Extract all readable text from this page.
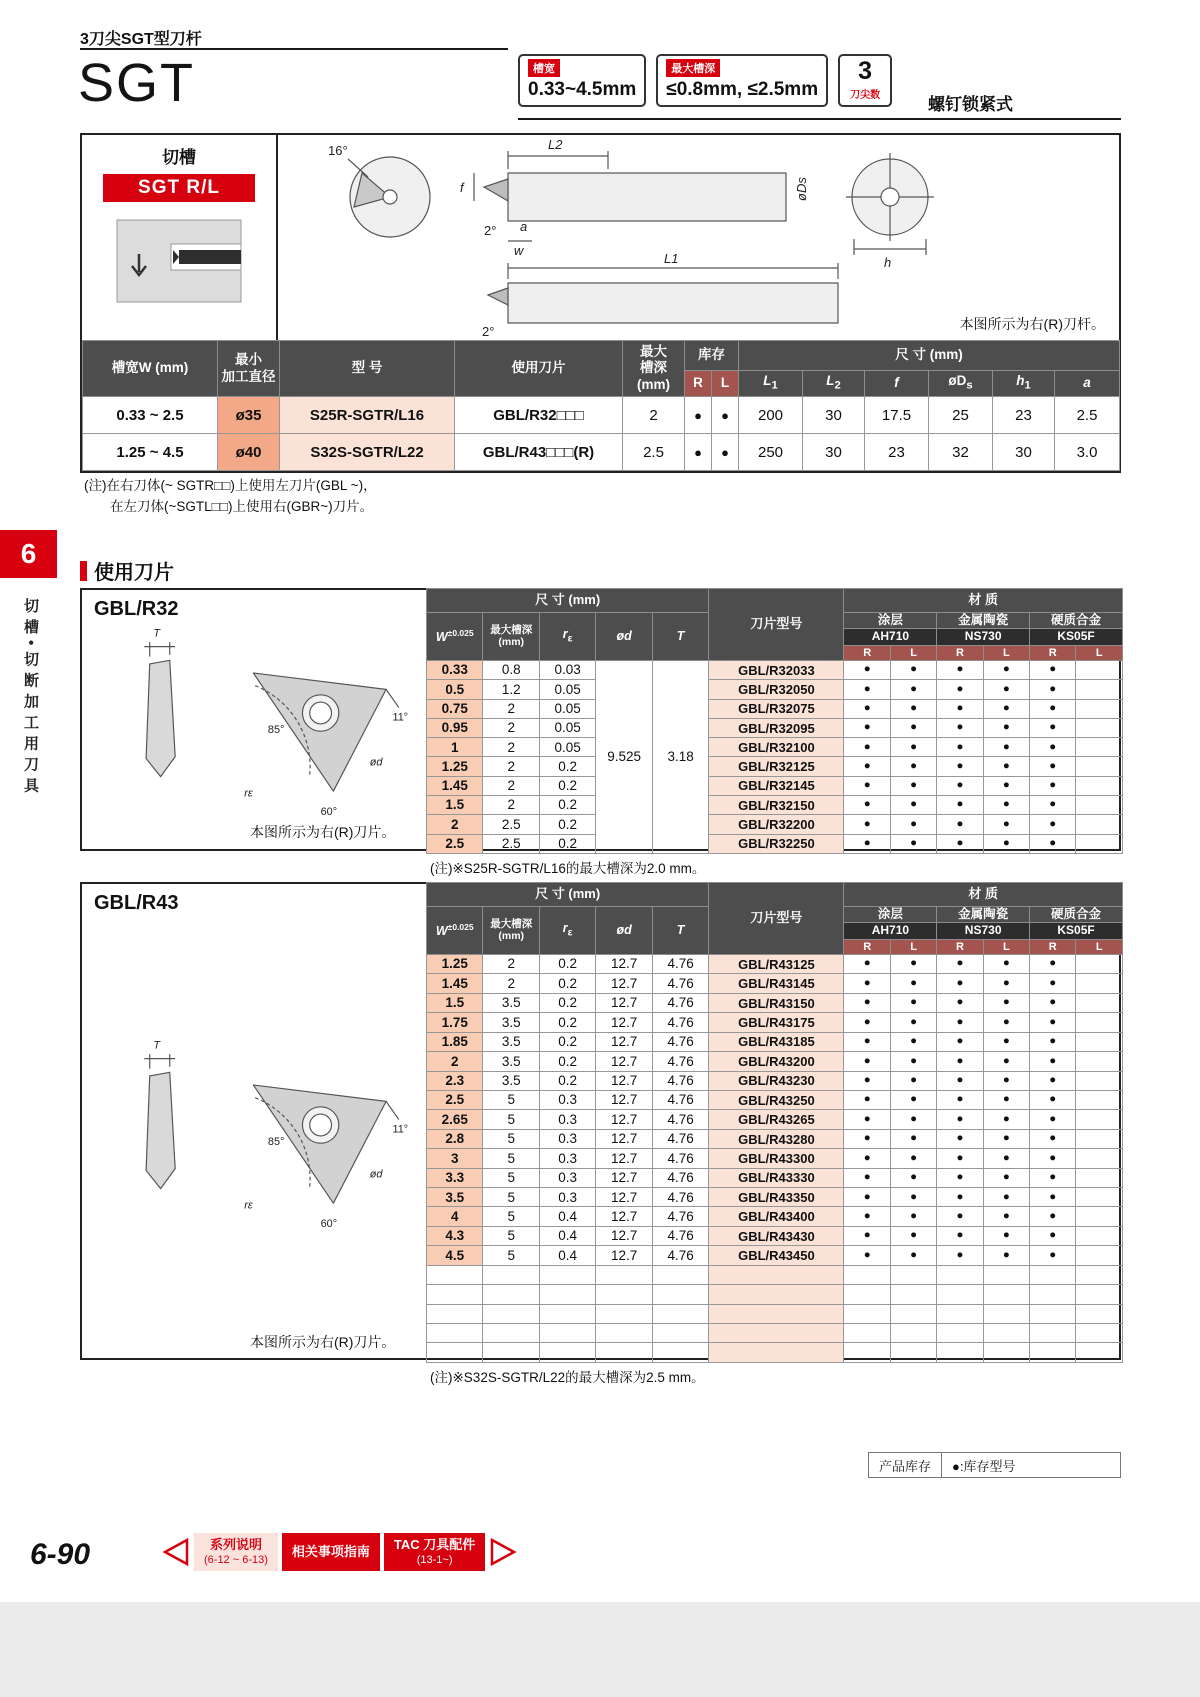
3刀尖SGT型刀杆
SGT	槽宽
0.33~4.5mm
最大槽深
≤0.8mm, ≤2.5mm
3
刀尖数	螺钉锁紧式
切槽
SGT R/L
16°	L2
f
2° a
w
øDs
h
L1
2°	本图所示为右(R)刀杆。
槽宽W (mm)	最小
加工直径	型 号	使用刀片	最大
槽深
(mm)	库存		尺 寸 (mm)					
					R	L	$L_1$	$L_2$	f	$øD_s$	$h_1$	a
0.33 ~ 2.5	ø35	S25R-SGTR/L16	GBL/R32□□□	2	●	●	200	30	17.5	25	23	2.5
1.25 ~ 4.5	ø40	S32S-SGTR/L22	GBL/R43□□□(R)	2.5	●	●	250	30	23	32	30	3.0
(注)在右刀体(~ SGTR□□)上使用左刀片(GBL ~)，
在左刀体(~SGTL□□)上使用右(GBR~)刀片。
6
切槽•切断加工用刀具
使用刀片
GBL/R32
T
11°
85°
rε
ød
60°
本图所示为右(R)刀片。
尺 寸 (mm)					刀片型号	材 质					
$W^{\pm 0.025}$	最大槽深
(mm)	$r_\varepsilon$	ød	T		涂层		金属陶瓷		硬质合金	
						AH710		NS730		KS05F	
						R	L	R	L	R	L
0.33	0.8	0.03	9.525	3.18	GBL/R32033	●	●	●	●	●	
0.5	1.2	0.05			GBL/R32050	●	●	●	●	●	
0.75	2	0.05			GBL/R32075	●	●	●	●	●	
0.95	2	0.05			GBL/R32095	●	●	●	●	●	
1	2	0.05			GBL/R32100	●	●	●	●	●	
1.25	2	0.2			GBL/R32125	●	●	●	●	●	
1.45	2	0.2			GBL/R32145	●	●	●	●	●	
1.5	2	0.2			GBL/R32150	●	●	●	●	●	
2	2.5	0.2			GBL/R32200	●	●	●	●	●	
2.5	2.5	0.2			GBL/R32250	●	●	●	●	●	
(注)※S25R-SGTR/L16的最大槽深为2.0 mm。
GBL/R43
T
11°
85°
rε
ød
60°
本图所示为右(R)刀片。
尺 寸 (mm)					刀片型号	材 质					
$W^{\pm 0.025}$	最大槽深
(mm)	$r_\varepsilon$	ød	T		涂层		金属陶瓷		硬质合金	
						AH710		NS730		KS05F	
						R	L	R	L	R	L
1.25	2	0.2	12.7	4.76	GBL/R43125	●	●	●	●	●	
1.45	2	0.2	12.7	4.76	GBL/R43145	●	●	●	●	●	
1.5	3.5	0.2	12.7	4.76	GBL/R43150	●	●	●	●	●	
1.75	3.5	0.2	12.7	4.76	GBL/R43175	●	●	●	●	●	
1.85	3.5	0.2	12.7	4.76	GBL/R43185	●	●	●	●	●	
2	3.5	0.2	12.7	4.76	GBL/R43200	●	●	●	●	●	
2.3	3.5	0.2	12.7	4.76	GBL/R43230	●	●	●	●	●	
2.5	5	0.3	12.7	4.76	GBL/R43250	●	●	●	●	●	
2.65	5	0.3	12.7	4.76	GBL/R43265	●	●	●	●	●	
2.8	5	0.3	12.7	4.76	GBL/R43280	●	●	●	●	●	
3	5	0.3	12.7	4.76	GBL/R43300	●	●	●	●	●	
3.3	5	0.3	12.7	4.76	GBL/R43330	●	●	●	●	●	
3.5	5	0.3	12.7	4.76	GBL/R43350	●	●	●	●	●	
4	5	0.4	12.7	4.76	GBL/R43400	●	●	●	●	●	
4.3	5	0.4	12.7	4.76	GBL/R43430	●	●	●	●	●	
4.5	5	0.4	12.7	4.76	GBL/R43450	●	●	●	●	●	

(注)※S32S-SGTR/L22的最大槽深为2.5 mm。
产品库存	●:库存型号
6-90	系列说明
(6-12 ~ 6-13)
相关事项指南 TAC 刀具配件
(13-1~)
